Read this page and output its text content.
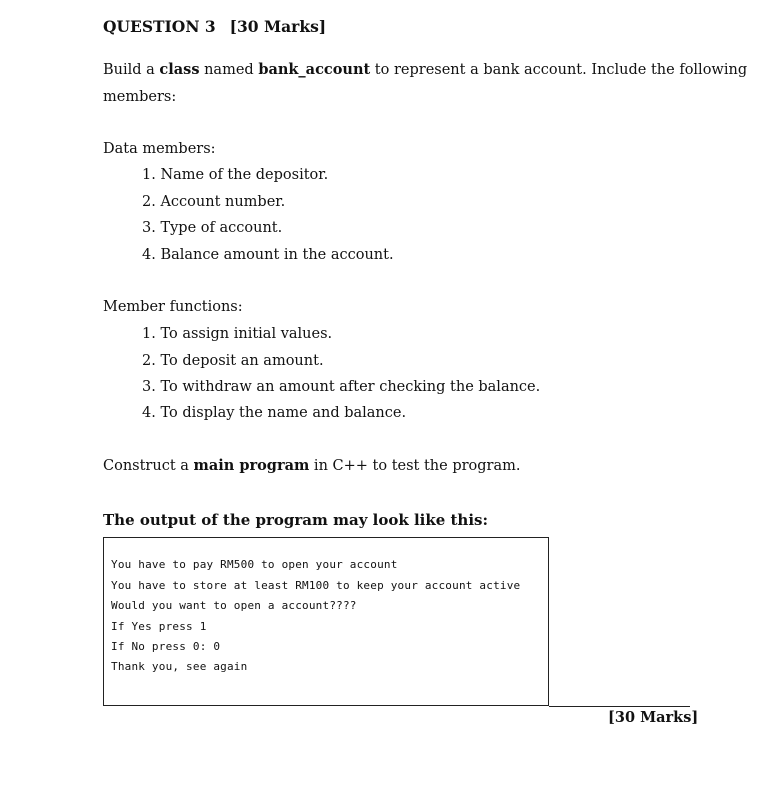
QUESTION 3 [30 Marks]
Build a class named bank_account to represent a bank account. Include the following
members:
Data members:
1. Name of the depositor.
2. Account number.
3. Type of account.
4. Balance amount in the account.
Member functions:
1. To assign initial values.
2. To deposit an amount.
3. To withdraw an amount after checking the balance.
4. To display the name and balance.
Construct a main program in C++ to test the program.
The output of the program may look like this:
You have to pay RM500 to open your account
You have to store at least RM100 to keep your account active
Would you want to open a account????
If Yes press 1
If No press 0: 0
Thank you, see again
[30 Marks]
